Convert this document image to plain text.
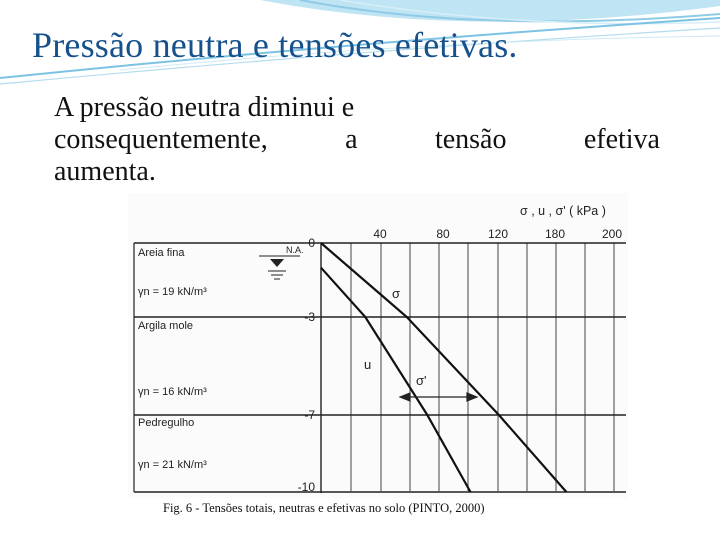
Pressão neutra e tensões efetivas.
A pressão neutra diminui e
consequentemente,	a	tensão	efetiva
aumenta.
σ , u , σ' ( kPa )
40	80	120	180	200
0
-3
-7
-10
N.A.
Areia fina
γn = 19 kN/m³
Argila mole
γn = 16 kN/m³
Pedregulho
γn = 21 kN/m³
σ
u
σ'
Fig. 6 - Tensões totais, neutras e efetivas no solo (PINTO, 2000)
